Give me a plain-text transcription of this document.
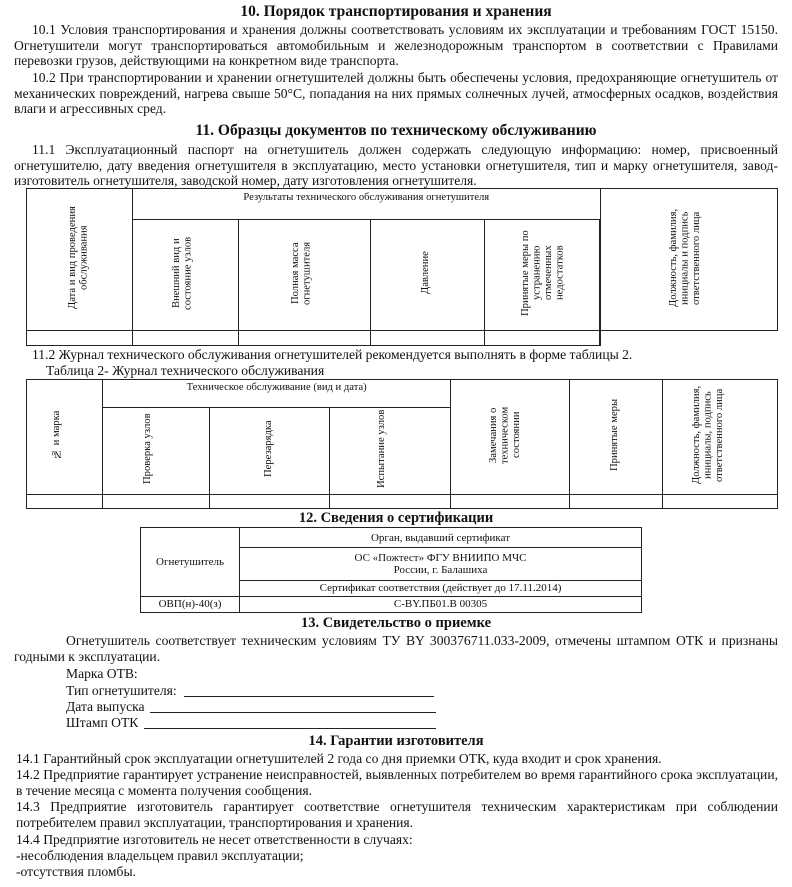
10. Порядок транспортирования и хранения
10.1 Условия транспортирования и хранения должны соответствовать условиям их эксплуатации и требованиям ГОСТ 15150. Огнетушители могут транспортироваться автомобильным и железнодорожным транспортом в соответствии с Правилами перевозки грузов, действующими на конкретном виде транспорта.
10.2 При транспортировании и хранении огнетушителей должны быть обеспечены условия, предохраняющие огнетушитель от механических повреждений, нагрева свыше 50°С, попадания на них прямых солнечных лучей, атмосферных осадков, воздействия влаги и агрессивных сред.
11. Образцы документов по техническому обслуживанию
11.1 Эксплуатационный паспорт на огнетушитель должен содержать следующую информацию: номер, присвоенный огнетушителю, дату введения огнетушителя в эксплуатацию, место установки огнетушителя, тип и марку огнетушителя, завод-изготовитель огнетушителя, заводской номер, дату изготовления огнетушителя.
Дата и вид проведения обслуживания	Результаты технического обслуживания огнетушителя				Должность, фамилия, инициалы и подпись ответственного лица
	Внешний вид и состояние узлов	Полная масса огнетушителя	Давление	Принятые меры по устранению отмеченных недостатков

11.2 Журнал технического обслуживания огнетушителей рекомендуется выполнять в форме таблицы 2.
Таблица 2- Журнал технического обслуживания
№ и марка	Техническое обслуживание (вид и дата)			Замечания о техническом состоянии	Принятые меры	Должность, фамилия, инициалы, подпись ответственного лица
	Проверка узлов	Перезарядка	Испытание узлов			

12. Сведения о сертификации
Огнетушитель	Орган, выдавший сертификат

	ОС «Пожтест» ФГУ ВНИИПО МЧС
России, г. Балашиха

	Сертификат соответствия (действует до 17.11.2014)
ОВП(н)-40(з)	С-BY.ПБ01.В 00305
13. Свидетельство о приемке
Огнетушитель соответствует техническим условиям ТУ BY 300376711.033-2009, отмечены штампом ОТК и признаны годными к эксплуатации.
Марка ОТВ:
Тип огнетушителя:
Дата выпуска
Штамп ОТК
14. Гарантии изготовителя
14.1 Гарантийный срок эксплуатации огнетушителей 2 года со дня приемки ОТК, куда входит и срок хранения.
14.2 Предприятие гарантирует устранение неисправностей, выявленных потребителем во время гарантийного срока эксплуатации, в течение месяца с момента получения сообщения.
14.3 Предприятие изготовитель гарантирует соответствие огнетушителя техническим характеристикам при соблюдении потребителем правил эксплуатации, транспортирования и хранения.
14.4 Предприятие изготовитель не несет ответственности в случаях:
-несоблюдения владельцем правил эксплуатации;
-отсутствия пломбы.
